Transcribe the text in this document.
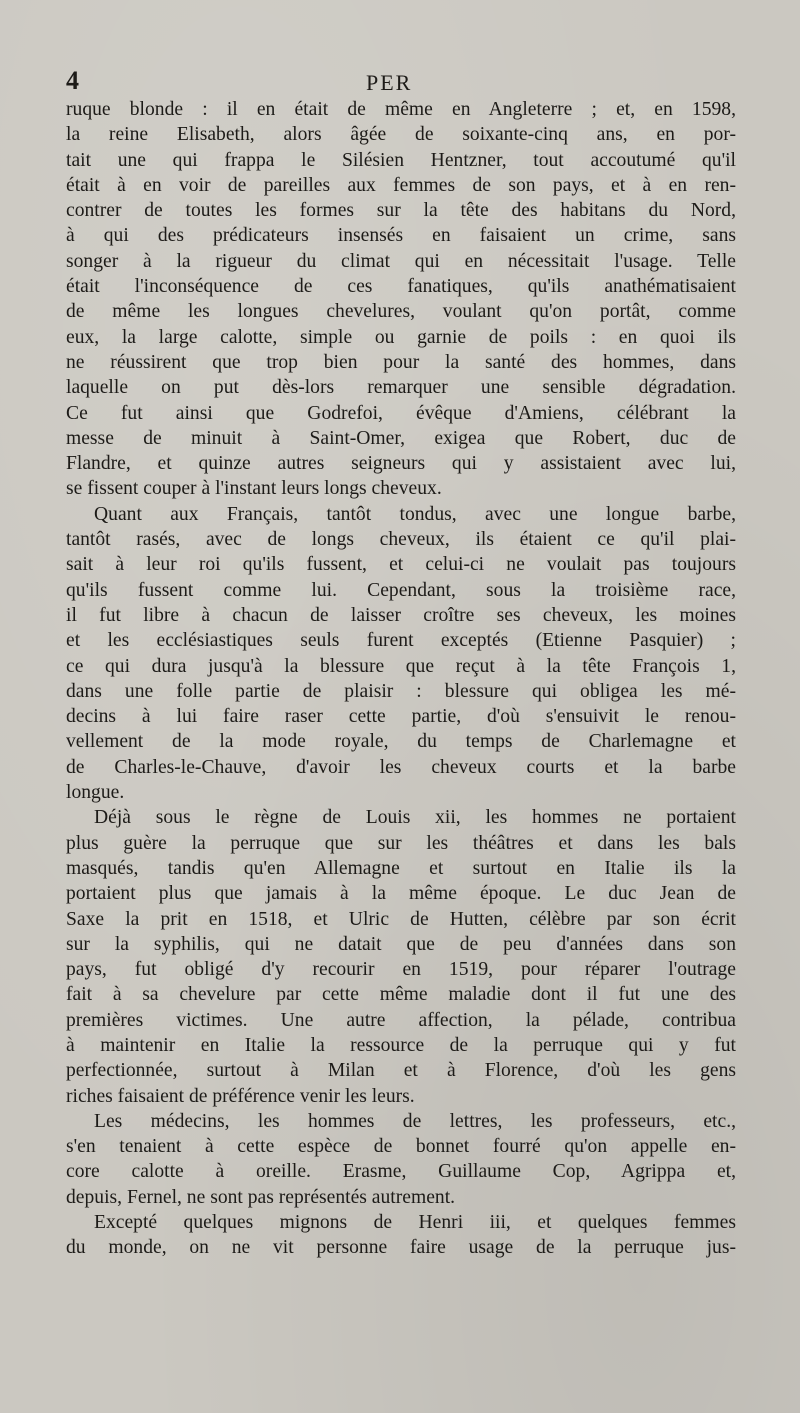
4	PER
ruque blonde : il en était de même en Angleterre ; et, en 1598,
la reine Elisabeth, alors âgée de soixante-cinq ans, en por-
tait une qui frappa le Silésien Hentzner, tout accoutumé qu'il
était à en voir de pareilles aux femmes de son pays, et à en ren-
contrer de toutes les formes sur la tête des habitans du Nord,
à qui des prédicateurs insensés en faisaient un crime, sans
songer à la rigueur du climat qui en nécessitait l'usage. Telle
était l'inconséquence de ces fanatiques, qu'ils anathématisaient
de même les longues chevelures, voulant qu'on portât, comme
eux, la large calotte, simple ou garnie de poils : en quoi ils
ne réussirent que trop bien pour la santé des hommes, dans
laquelle on put dès-lors remarquer une sensible dégradation.
Ce fut ainsi que Godrefoi, évêque d'Amiens, célébrant la
messe de minuit à Saint-Omer, exigea que Robert, duc de
Flandre, et quinze autres seigneurs qui y assistaient avec lui,
se fissent couper à l'instant leurs longs cheveux.
Quant aux Français, tantôt tondus, avec une longue barbe,
tantôt rasés, avec de longs cheveux, ils étaient ce qu'il plai-
sait à leur roi qu'ils fussent, et celui-ci ne voulait pas toujours
qu'ils fussent comme lui. Cependant, sous la troisième race,
il fut libre à chacun de laisser croître ses cheveux, les moines
et les ecclésiastiques seuls furent exceptés (Etienne Pasquier) ;
ce qui dura jusqu'à la blessure que reçut à la tête François 1,
dans une folle partie de plaisir : blessure qui obligea les mé-
decins à lui faire raser cette partie, d'où s'ensuivit le renou-
vellement de la mode royale, du temps de Charlemagne et
de Charles-le-Chauve, d'avoir les cheveux courts et la barbe
longue.
Déjà sous le règne de Louis xii, les hommes ne portaient
plus guère la perruque que sur les théâtres et dans les bals
masqués, tandis qu'en Allemagne et surtout en Italie ils la
portaient plus que jamais à la même époque. Le duc Jean de
Saxe la prit en 1518, et Ulric de Hutten, célèbre par son écrit
sur la syphilis, qui ne datait que de peu d'années dans son
pays, fut obligé d'y recourir en 1519, pour réparer l'outrage
fait à sa chevelure par cette même maladie dont il fut une des
premières victimes. Une autre affection, la pélade, contribua
à maintenir en Italie la ressource de la perruque qui y fut
perfectionnée, surtout à Milan et à Florence, d'où les gens
riches faisaient de préférence venir les leurs.
Les médecins, les hommes de lettres, les professeurs, etc.,
s'en tenaient à cette espèce de bonnet fourré qu'on appelle en-
core calotte à oreille. Erasme, Guillaume Cop, Agrippa et,
depuis, Fernel, ne sont pas représentés autrement.
Excepté quelques mignons de Henri iii, et quelques femmes
du monde, on ne vit personne faire usage de la perruque jus-
